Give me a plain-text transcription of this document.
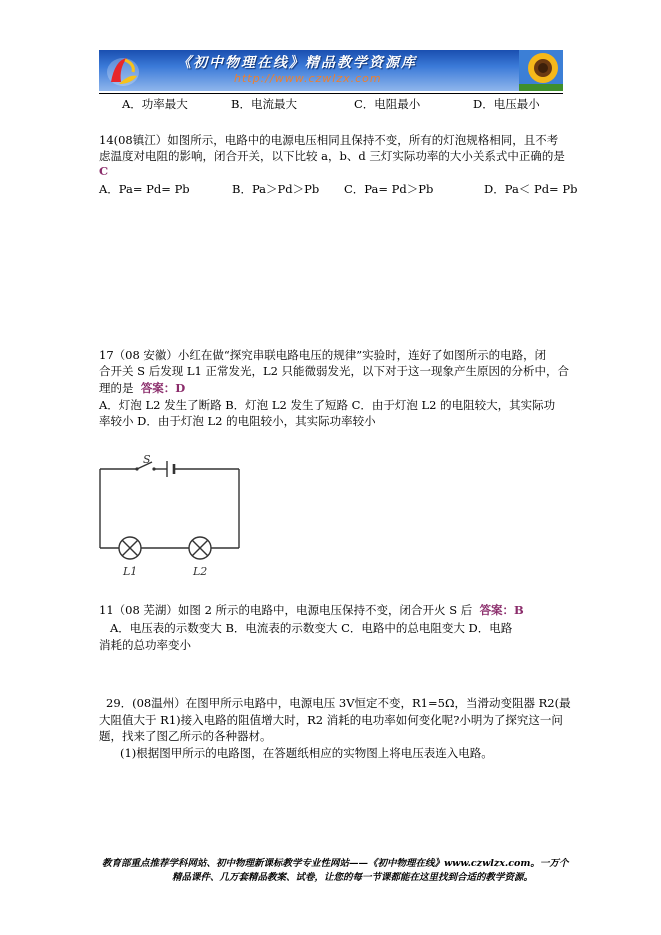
《初中物理在线》精品教学资源库
http://www.czwlzx.com
A．功率最大	B．电流最大	C．电阻最小	D．电压最小
14(08镇江）如图所示，电路中的电源电压相同且保持不变，所有的灯泡规格相同，且不考
虑温度对电阻的影响，闭合开关，以下比较 a，b、d 三灯实际功率的大小关系式中正确的是
C
A．Pa= Pd= Pb	B．Pa＞Pd＞Pb C．Pa= Pd＞Pb	D．Pa＜ Pd= Pb
17（08 安徽）小红在做“探究串联电路电压的规律”实验时，连好了如图所示的电路，闭
合开关 S 后发现 L1 正常发光，L2 只能微弱发光，以下对于这一现象产生原因的分析中，合
理的是 答案：D
A．灯泡 L2 发生了断路 B．灯泡 L2 发生了短路 C．由于灯泡 L2 的电阻较大，其实际功
率较小 D．由于灯泡 L2 的电阻较小，其实际功率较小
S
L1	L2
11（08 芜湖）如图 2 所示的电路中，电源电压保持不变，闭合开火 S 后 答案：B
A．电压表的示数变大 B．电流表的示数变大 C．电路中的总电阻变大 D．电路
消耗的总功率变小
29．(08温州）在图甲所示电路中，电源电压 3V恒定不变，R1=5Ω，当滑动变阻器 R2(最
大阻值大于 R1)接入电路的阻值增大时，R2 消耗的电功率如何变化呢?小明为了探究这一问
题，找来了图乙所示的各种器材。
(1)根据图甲所示的电路图，在答题纸相应的实物图上将电压表连入电路。
教育部重点推荐学科网站、初中物理新课标教学专业性网站——《初中物理在线》www.czwlzx.com。一万个
精品课件、几万套精品教案、试卷，让您的每一节课都能在这里找到合适的教学资源。
